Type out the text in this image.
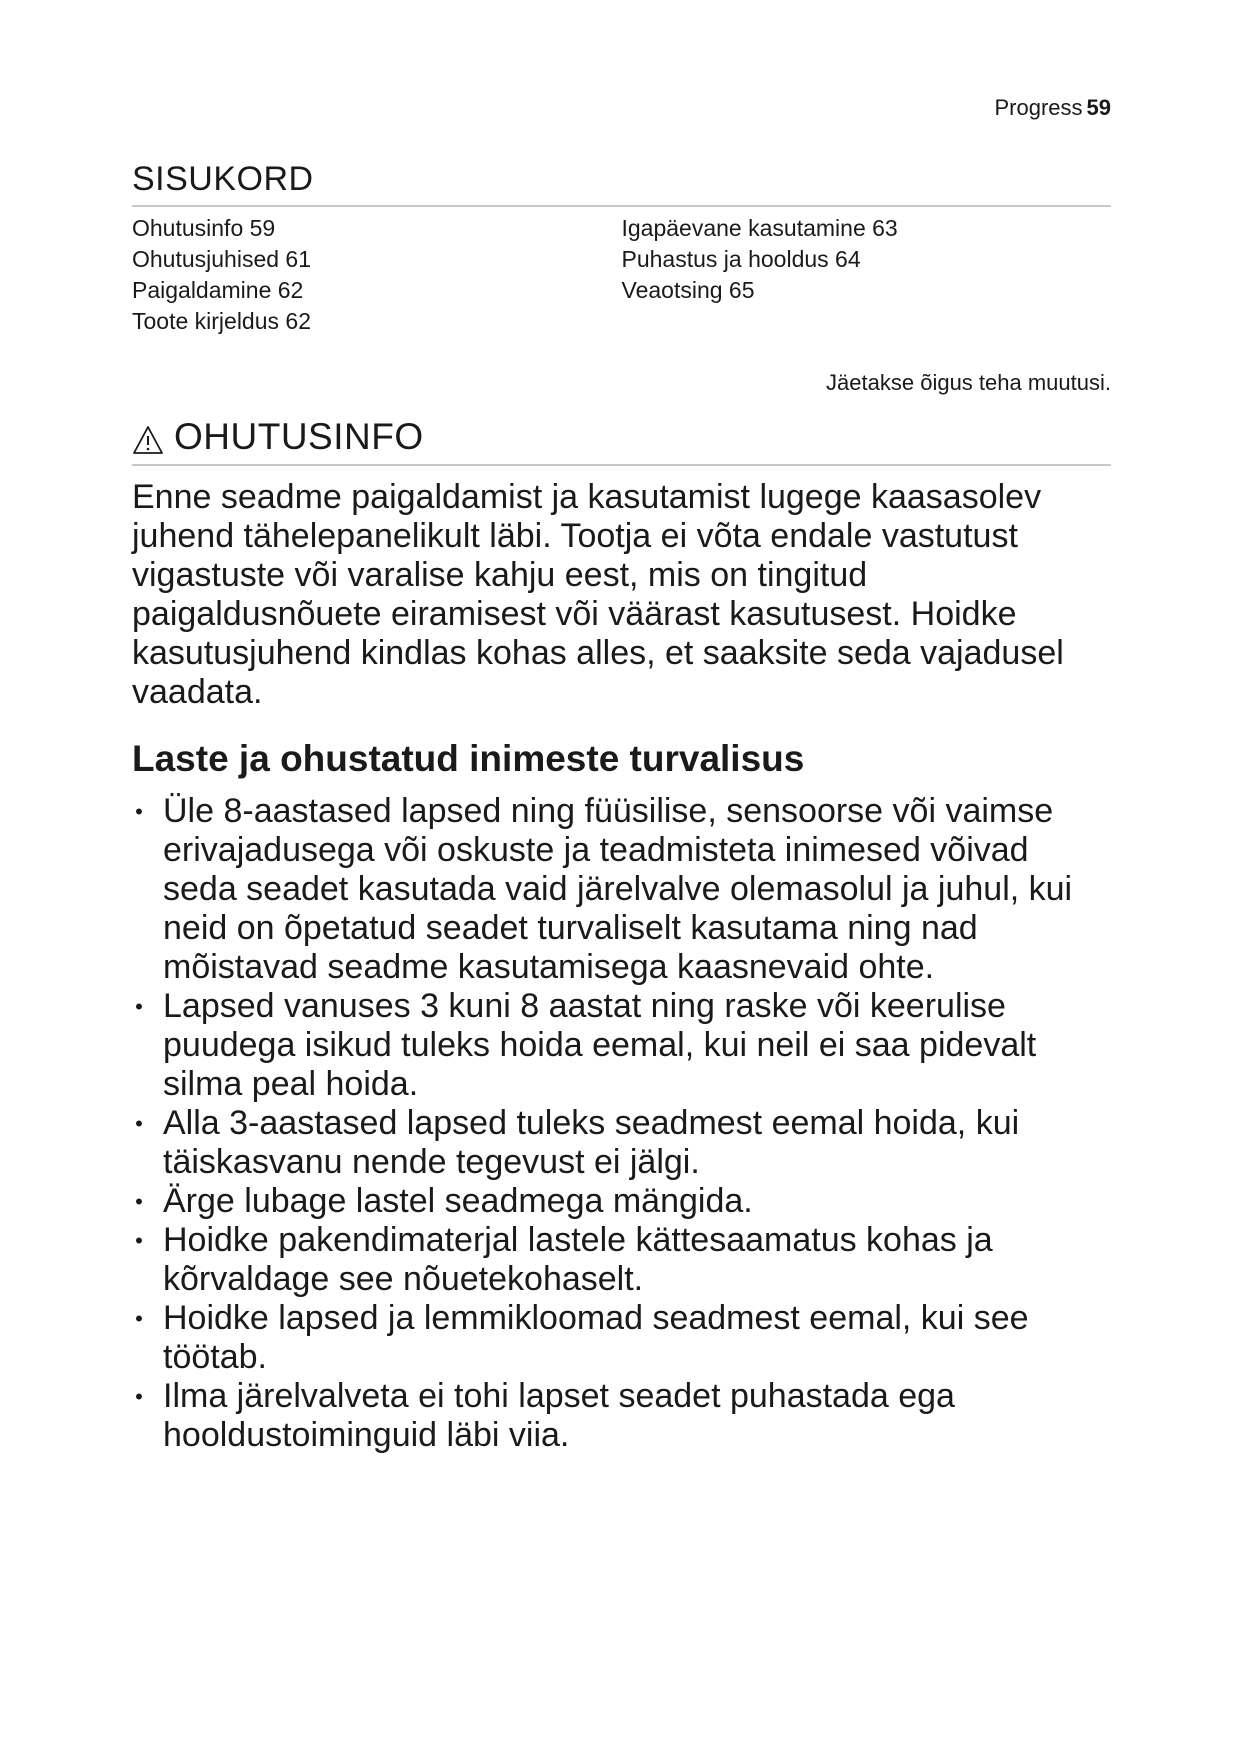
Progress 59
SISUKORD
Ohutusinfo 59
Ohutusjuhised 61
Paigaldamine 62
Toote kirjeldus 62
Igapäevane kasutamine 63
Puhastus ja hooldus 64
Veaotsing 65
Jäetakse õigus teha muutusi.
OHUTUSINFO

Enne seadme paigaldamist ja kasutamist lugege kaasasolev juhend tähelepanelikult läbi. Tootja ei võta endale vastutust vigastuste või varalise kahju eest, mis on tingitud paigaldusnõuete eiramisest või väärast kasutusest. Hoidke kasutusjuhend kindlas kohas alles, et saaksite seda vajadusel vaadata.

Laste ja ohustatud inimeste turvalisus
• Üle 8-aastased lapsed ning füüsilise, sensoorse või vaimse erivajadusega või oskuste ja teadmisteta inimesed võivad seda seadet kasutada vaid järelvalve olemasolul ja juhul, kui neid on õpetatud seadet turvaliselt kasutama ning nad mõistavad seadme kasutamisega kaasnevaid ohte.
• Lapsed vanuses 3 kuni 8 aastat ning raske või keerulise puudega isikud tuleks hoida eemal, kui neil ei saa pidevalt silma peal hoida.
• Alla 3-aastased lapsed tuleks seadmest eemal hoida, kui täiskasvanu nende tegevust ei jälgi.
• Ärge lubage lastel seadmega mängida.
• Hoidke pakendimaterjal lastele kättesaamatus kohas ja kõrvaldage see nõuetekohaselt.
• Hoidke lapsed ja lemmikloomad seadmest eemal, kui see töötab.
• Ilma järelvalveta ei tohi lapset seadet puhastada ega hooldustoiminguid läbi viia.
